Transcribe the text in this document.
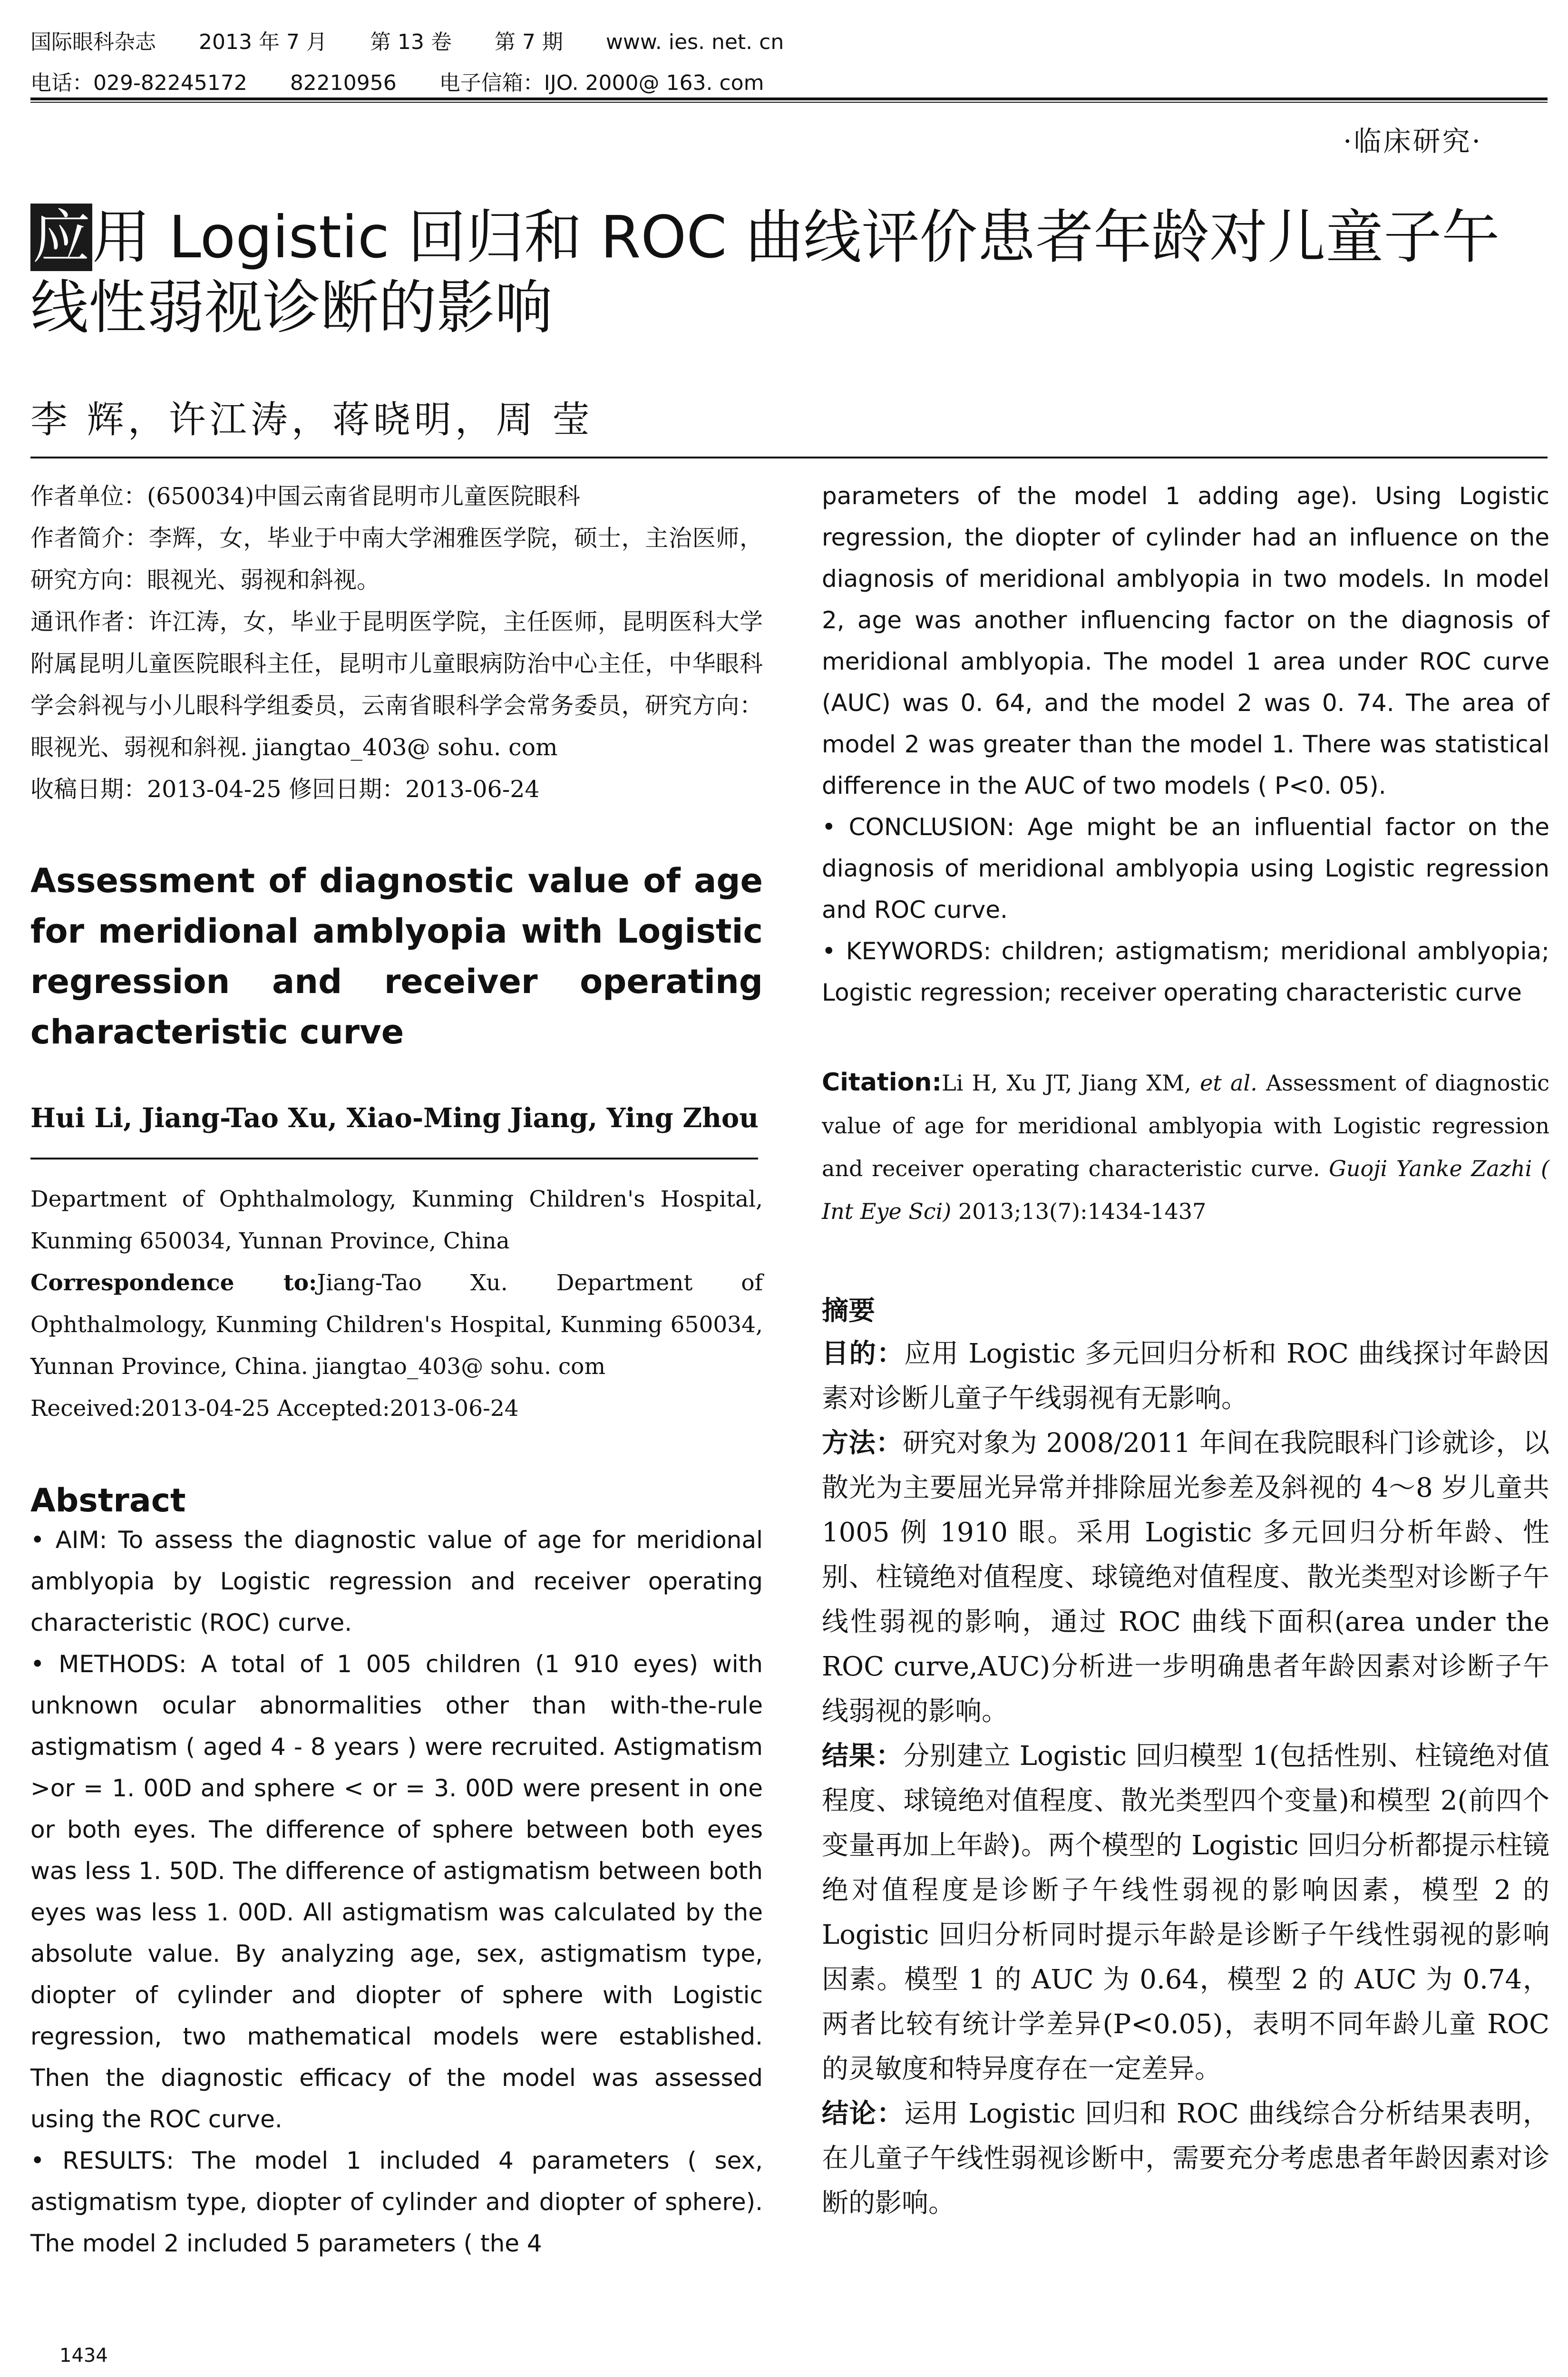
国际眼科杂志 2013 年 7 月 第 13 卷 第 7 期 www. ies. net. cn
电话：029-82245172 82210956 电子信箱：IJO. 2000@ 163. com
·临床研究·
应用 Logistic 回归和 ROC 曲线评价患者年龄对儿童子午
线性弱视诊断的影响
李 辉，许江涛，蒋晓明，周 莹

作者单位：(650034)中国云南省昆明市儿童医院眼科

作者简介：李辉，女，毕业于中南大学湘雅医学院，硕士，主治医师，研究方向：眼视光、弱视和斜视。

通讯作者：许江涛，女，毕业于昆明医学院，主任医师，昆明医科大学附属昆明儿童医院眼科主任，昆明市儿童眼病防治中心主任，中华眼科学会斜视与小儿眼科学组委员，云南省眼科学会常务委员，研究方向：眼视光、弱视和斜视. jiangtao_403@ sohu. com

收稿日期：2013-04-25 修回日期：2013-06-24

Assessment of diagnostic value of age for meridional amblyopia with Logistic regression and receiver operating characteristic curve
Hui Li, Jiang-Tao Xu, Xiao-Ming Jiang, Ying Zhou

Department of Ophthalmology, Kunming Children's Hospital, Kunming 650034, Yunnan Province, China

Correspondence to:Jiang-Tao Xu. Department of Ophthalmology, Kunming Children's Hospital, Kunming 650034, Yunnan Province, China. jiangtao_403@ sohu. com

Received:2013-04-25 Accepted:2013-06-24

Abstract

• AIM: To assess the diagnostic value of age for meridional amblyopia by Logistic regression and receiver operating characteristic (ROC) curve.

• METHODS: A total of 1 005 children (1 910 eyes) with unknown ocular abnormalities other than with-the-rule astigmatism ( aged 4 - 8 years ) were recruited. Astigmatism >or = 1. 00D and sphere < or = 3. 00D were present in one or both eyes. The difference of sphere between both eyes was less 1. 50D. The difference of astigmatism between both eyes was less 1. 00D. All astigmatism was calculated by the absolute value. By analyzing age, sex, astigmatism type, diopter of cylinder and diopter of sphere with Logistic regression, two mathematical models were established. Then the diagnostic efficacy of the model was assessed using the ROC curve.

• RESULTS: The model 1 included 4 parameters ( sex, astigmatism type, diopter of cylinder and diopter of sphere). The model 2 included 5 parameters ( the 4

parameters of the model 1 adding age). Using Logistic regression, the diopter of cylinder had an influence on the diagnosis of meridional amblyopia in two models. In model 2, age was another influencing factor on the diagnosis of meridional amblyopia. The model 1 area under ROC curve (AUC) was 0. 64, and the model 2 was 0. 74. The area of model 2 was greater than the model 1. There was statistical difference in the AUC of two models ( P<0. 05).

• CONCLUSION: Age might be an influential factor on the diagnosis of meridional amblyopia using Logistic regression and ROC curve.

• KEYWORDS: children; astigmatism; meridional amblyopia; Logistic regression; receiver operating characteristic curve

Citation:Li H, Xu JT, Jiang XM, et al. Assessment of diagnostic value of age for meridional amblyopia with Logistic regression and receiver operating characteristic curve. Guoji Yanke Zazhi ( Int Eye Sci) 2013;13(7):1434-1437
摘要

目的：应用 Logistic 多元回归分析和 ROC 曲线探讨年龄因素对诊断儿童子午线弱视有无影响。

方法：研究对象为 2008/2011 年间在我院眼科门诊就诊，以散光为主要屈光异常并排除屈光参差及斜视的 4～8 岁儿童共 1005 例 1910 眼。采用 Logistic 多元回归分析年龄、性别、柱镜绝对值程度、球镜绝对值程度、散光类型对诊断子午线性弱视的影响，通过 ROC 曲线下面积(area under the ROC curve,AUC)分析进一步明确患者年龄因素对诊断子午线弱视的影响。

结果：分别建立 Logistic 回归模型 1(包括性别、柱镜绝对值程度、球镜绝对值程度、散光类型四个变量)和模型 2(前四个变量再加上年龄)。两个模型的 Logistic 回归分析都提示柱镜绝对值程度是诊断子午线性弱视的影响因素，模型 2 的 Logistic 回归分析同时提示年龄是诊断子午线性弱视的影响因素。模型 1 的 AUC 为 0.64，模型 2 的 AUC 为 0.74，两者比较有统计学差异(P<0.05)，表明不同年龄儿童 ROC 的灵敏度和特异度存在一定差异。

结论：运用 Logistic 回归和 ROC 曲线综合分析结果表明，在儿童子午线性弱视诊断中，需要充分考虑患者年龄因素对诊断的影响。

1434
